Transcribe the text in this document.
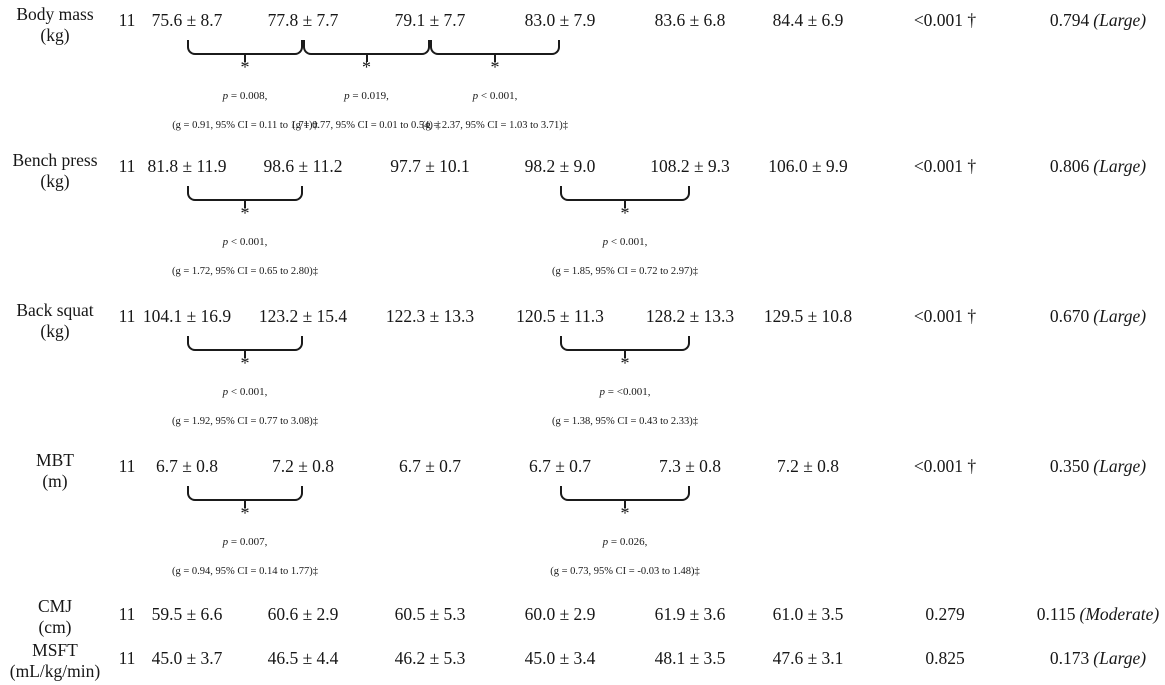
Body mass
(kg)
11 75.6 ± 8.7	77.8 ± 7.7	79.1 ± 7.7	83.0 ± 7.9	83.6 ± 6.8	84.4 ± 6.9	<0.001 †	0.794 (Large)
*
p = 0.008,
(g = 0.91, 95% CI = 0.11 to 1.71)‡
*
p = 0.019,
(g = 0.77, 95% CI = 0.01 to 0.54) ‡
*
p < 0.001,
(g = 2.37, 95% CI = 1.03 to 3.71)‡
Bench press
(kg)
11 81.8 ± 11.9 98.6 ± 11.2	97.7 ± 10.1	98.2 ± 9.0	108.2 ± 9.3 106.0 ± 9.9	<0.001 †	0.806 (Large)
*
p < 0.001,
(g = 1.72, 95% CI = 0.65 to 2.80)‡
*
p < 0.001,
(g = 1.85, 95% CI = 0.72 to 2.97)‡
Back squat
(kg)
11 104.1 ± 16.9 123.2 ± 15.4 122.3 ± 13.3 120.5 ± 11.3 128.2 ± 13.3 129.5 ± 10.8	<0.001 †	0.670 (Large)
*
p < 0.001,
(g = 1.92, 95% CI = 0.77 to 3.08)‡
*
p = <0.001,
(g = 1.38, 95% CI = 0.43 to 2.33)‡
MBT
(m)
11 6.7 ± 0.8	7.2 ± 0.8	6.7 ± 0.7	6.7 ± 0.7	7.3 ± 0.8	7.2 ± 0.8	<0.001 †	0.350 (Large)
*
p = 0.007,
(g = 0.94, 95% CI = 0.14 to 1.77)‡
*
p = 0.026,
(g = 0.73, 95% CI = -0.03 to 1.48)‡
CMJ
(cm)
11 59.5 ± 6.6	60.6 ± 2.9	60.5 ± 5.3	60.0 ± 2.9	61.9 ± 3.6	61.0 ± 3.5	0.279	0.115 (Moderate)
MSFT
(mL/kg/min)
11 45.0 ± 3.7	46.5 ± 4.4	46.2 ± 5.3	45.0 ± 3.4	48.1 ± 3.5	47.6 ± 3.1	0.825	0.173 (Large)
